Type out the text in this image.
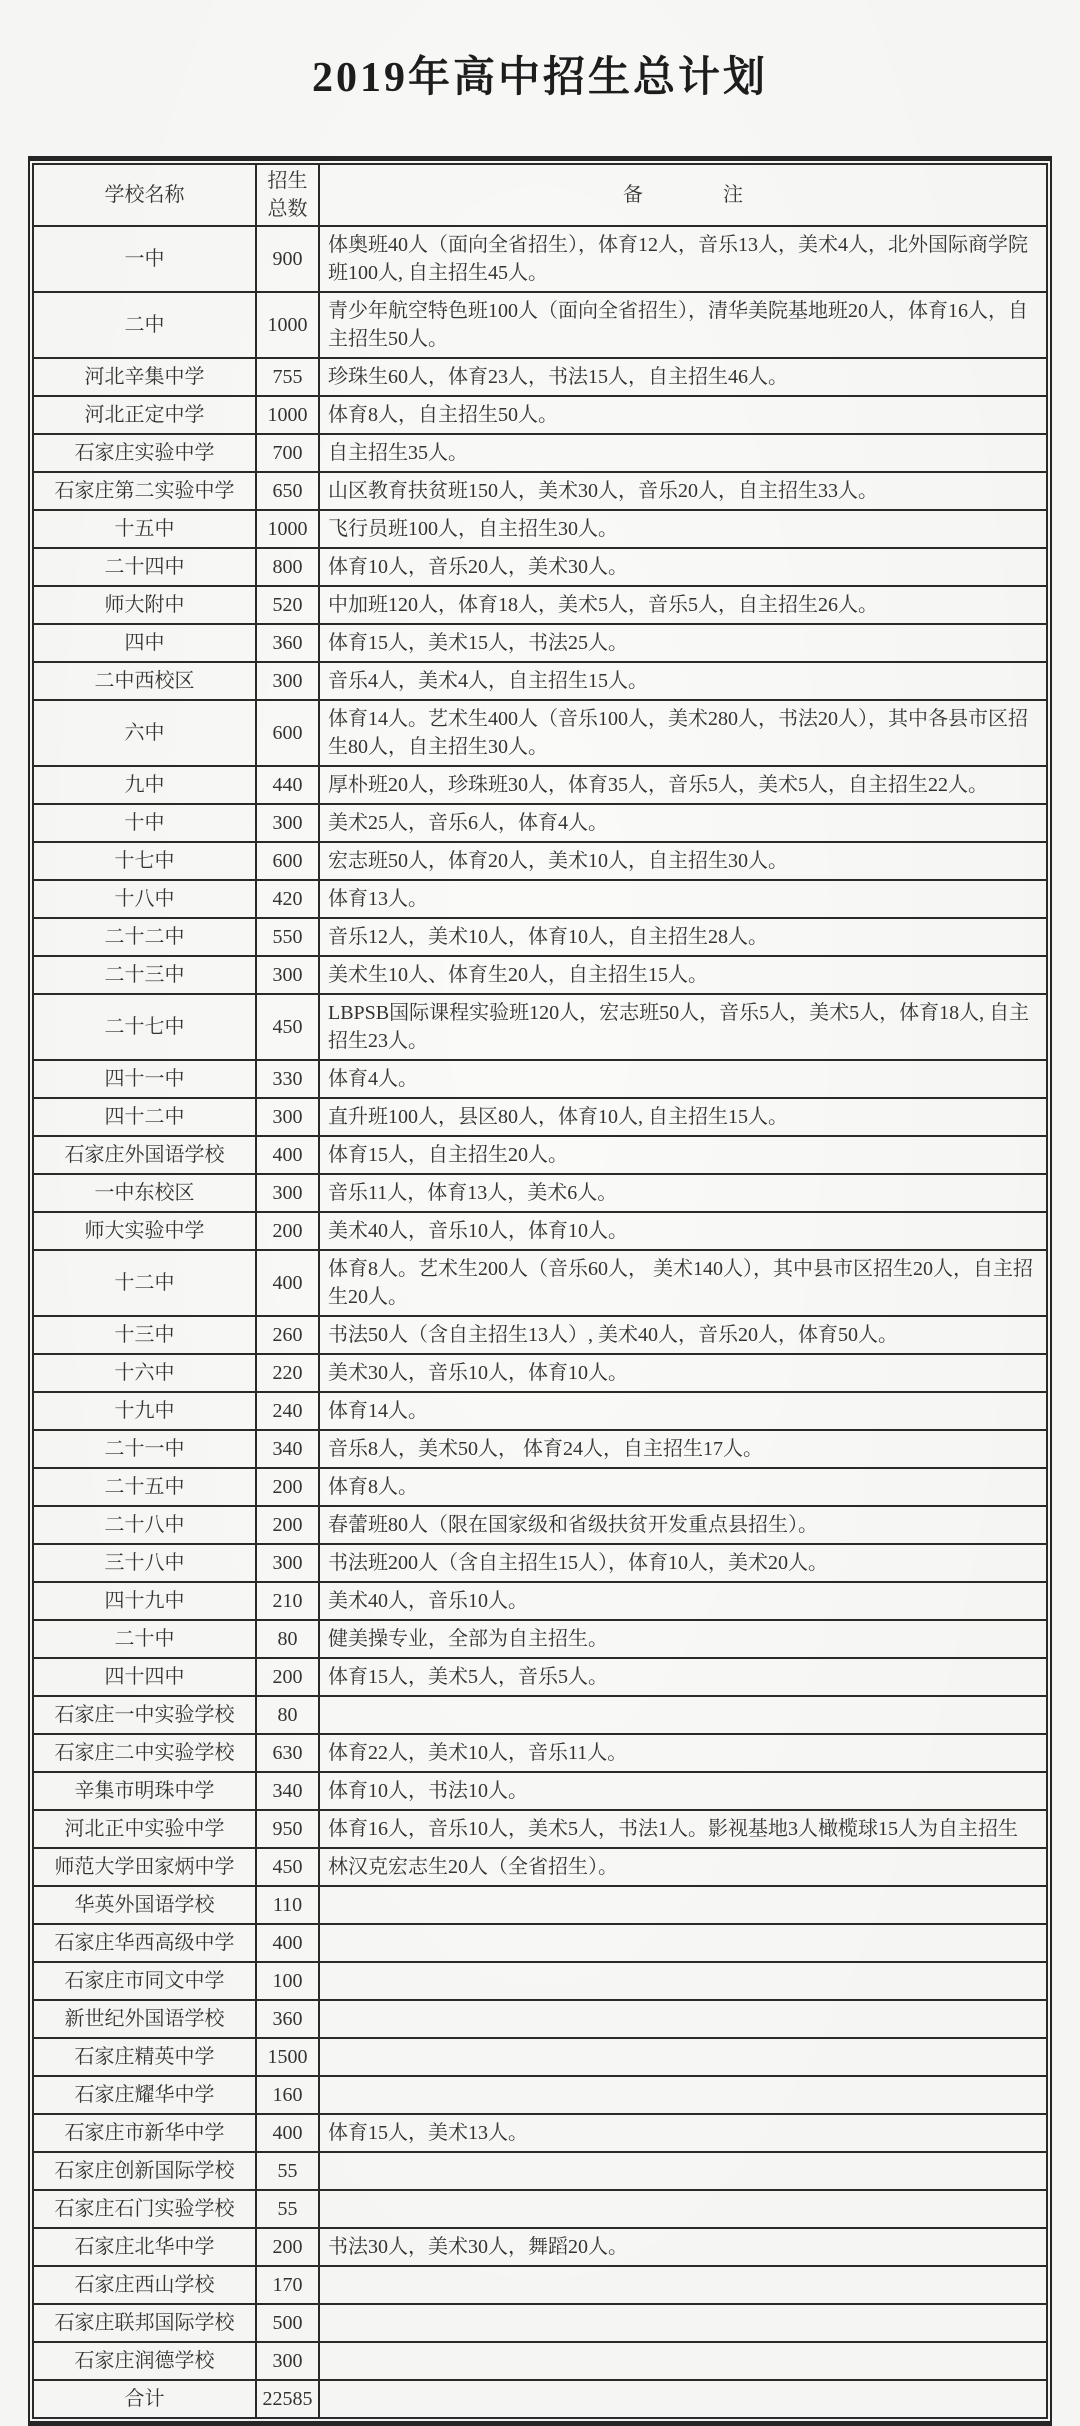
2019年高中招生总计划
学校名称	招生总数	备　　　　注
一中	900	体奥班40人（面向全省招生），体育12人，音乐13人，美术4人，北外国际商学院班100人, 自主招生45人。
二中	1000	青少年航空特色班100人（面向全省招生），清华美院基地班20人，体育16人，自主招生50人。
河北辛集中学	755	珍珠生60人，体育23人，书法15人，自主招生46人。
河北正定中学	1000	体育8人，自主招生50人。
石家庄实验中学	700	自主招生35人。
石家庄第二实验中学	650	山区教育扶贫班150人，美术30人，音乐20人，自主招生33人。
十五中	1000	飞行员班100人，自主招生30人。
二十四中	800	体育10人，音乐20人，美术30人。
师大附中	520	中加班120人，体育18人，美术5人，音乐5人，自主招生26人。
四中	360	体育15人，美术15人，书法25人。
二中西校区	300	音乐4人，美术4人，自主招生15人。
六中	600	体育14人。艺术生400人（音乐100人，美术280人，书法20人），其中各县市区招生80人，自主招生30人。
九中	440	厚朴班20人，珍珠班30人，体育35人，音乐5人，美术5人，自主招生22人。
十中	300	美术25人，音乐6人，体育4人。
十七中	600	宏志班50人，体育20人，美术10人，自主招生30人。
十八中	420	体育13人。
二十二中	550	音乐12人，美术10人，体育10人，自主招生28人。
二十三中	300	美术生10人、体育生20人，自主招生15人。
二十七中	450	LBPSB国际课程实验班120人，宏志班50人，音乐5人，美术5人，体育18人, 自主招生23人。
四十一中	330	体育4人。
四十二中	300	直升班100人，县区80人，体育10人, 自主招生15人。
石家庄外国语学校	400	体育15人，自主招生20人。
一中东校区	300	音乐11人，体育13人，美术6人。
师大实验中学	200	美术40人，音乐10人，体育10人。
十二中	400	体育8人。艺术生200人（音乐60人， 美术140人），其中县市区招生20人，自主招生20人。
十三中	260	书法50人（含自主招生13人）, 美术40人，音乐20人，体育50人。
十六中	220	美术30人，音乐10人，体育10人。
十九中	240	体育14人。
二十一中	340	音乐8人，美术50人， 体育24人，自主招生17人。
二十五中	200	体育8人。
二十八中	200	春蕾班80人（限在国家级和省级扶贫开发重点县招生）。
三十八中	300	书法班200人（含自主招生15人），体育10人，美术20人。
四十九中	210	美术40人，音乐10人。
二十中	80	健美操专业，全部为自主招生。
四十四中	200	体育15人，美术5人，音乐5人。
石家庄一中实验学校	80	
石家庄二中实验学校	630	体育22人，美术10人，音乐11人。
辛集市明珠中学	340	体育10人，书法10人。
河北正中实验中学	950	体育16人，音乐10人，美术5人，书法1人。影视基地3人橄榄球15人为自主招生
师范大学田家炳中学	450	林汉克宏志生20人（全省招生）。
华英外国语学校	110	
石家庄华西高级中学	400	
石家庄市同文中学	100	
新世纪外国语学校	360	
石家庄精英中学	1500	
石家庄耀华中学	160	
石家庄市新华中学	400	体育15人，美术13人。
石家庄创新国际学校	55	
石家庄石门实验学校	55	
石家庄北华中学	200	书法30人，美术30人，舞蹈20人。
石家庄西山学校	170	
石家庄联邦国际学校	500	
石家庄润德学校	300	
合计	22585	
